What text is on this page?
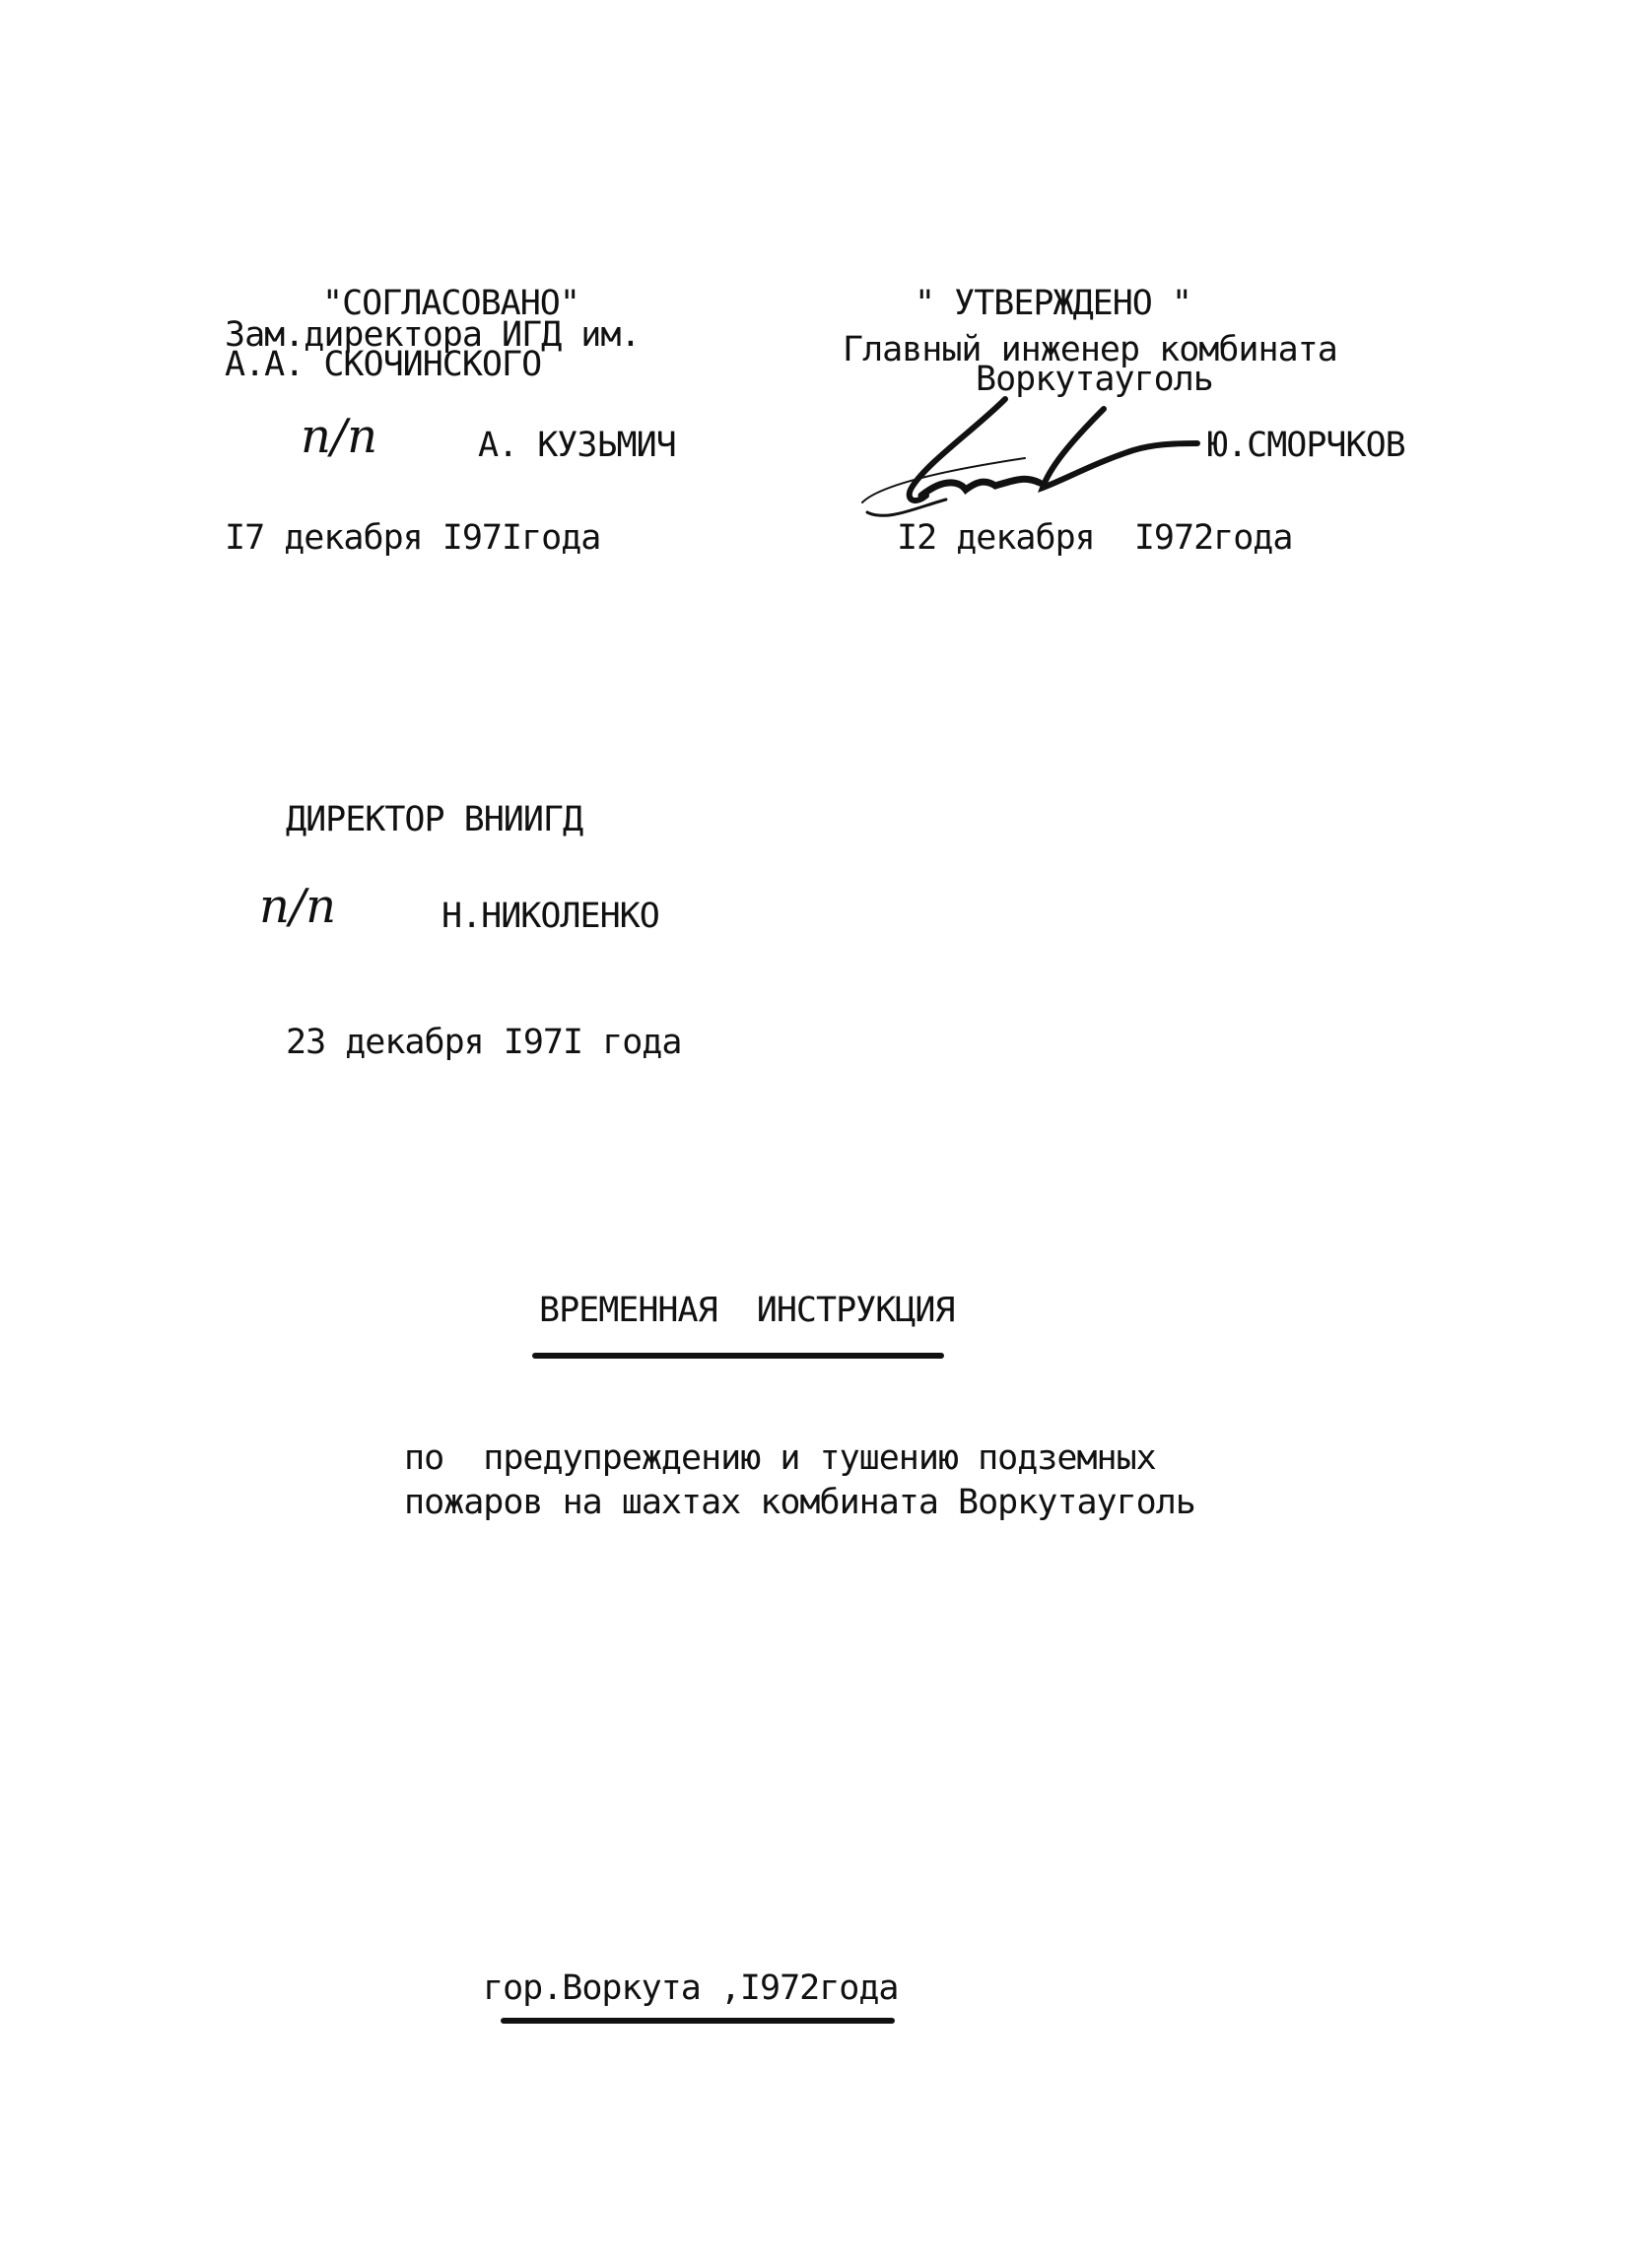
"СОГЛАСОВАНО"
Зам.директора ИГД им.
А.А. СКОЧИНСКОГО
п/п	А. КУЗЬМИЧ
I7 декабря I97Iгода
" УТВЕРЖДЕНО "
Главный инженер комбината
Воркутауголь
Ю.СМОРЧКОВ
I2 декабря  I972года
ДИРЕКТОР ВНИИГД
п/п	Н.НИКОЛЕНКО
23 декабря I97I года
ВРЕМЕННАЯ  ИНСТРУКЦИЯ
по  предупреждению и тушению подземных
пожаров на шахтах комбината Воркутауголь
гор.Воркута ,I972года
